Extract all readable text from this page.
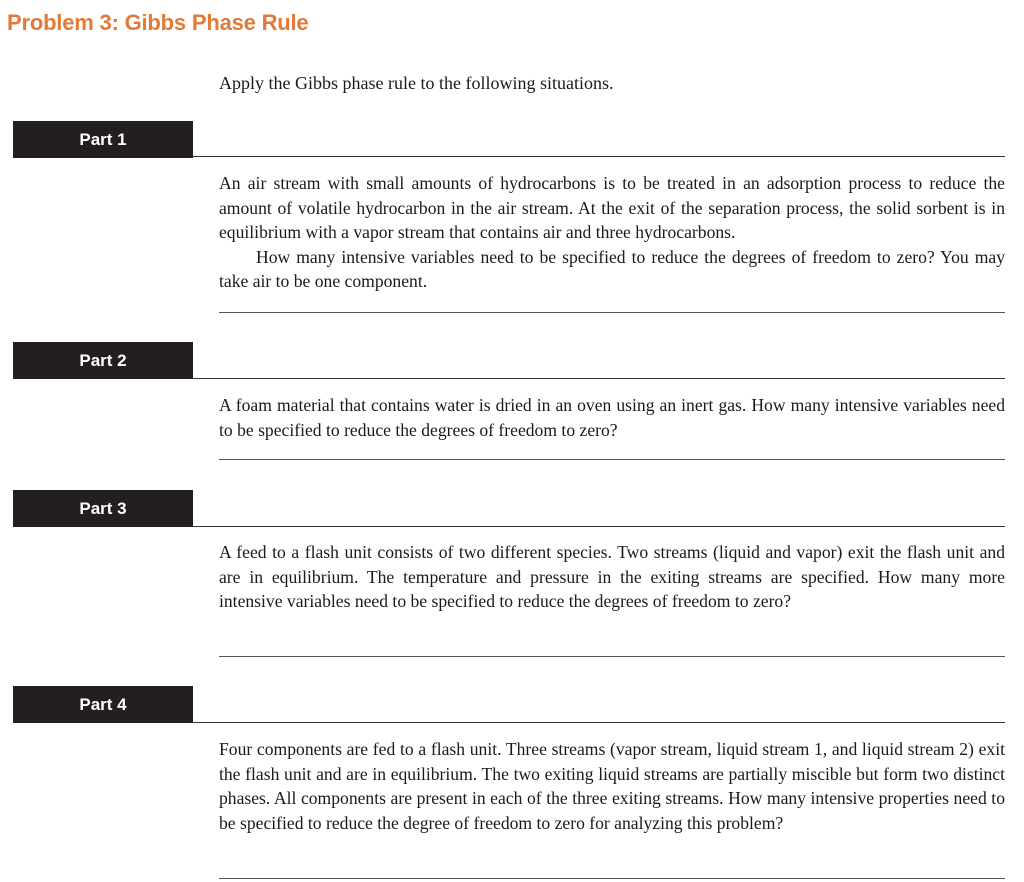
Problem 3: Gibbs Phase Rule
Apply the Gibbs phase rule to the following situations.
Part 1

An air stream with small amounts of hydrocarbons is to be treated in an adsorption process to reduce the amount of volatile hydrocarbon in the air stream. At the exit of the separation process, the solid sorbent is in equilibrium with a vapor stream that contains air and three hydrocarbons.

How many intensive variables need to be specified to reduce the degrees of freedom to zero? You may take air to be one component.

Part 2

A foam material that contains water is dried in an oven using an inert gas. How many intensive variables need to be specified to reduce the degrees of freedom to zero?

Part 3

A feed to a flash unit consists of two different species. Two streams (liquid and vapor) exit the flash unit and are in equilibrium. The temperature and pressure in the exiting streams are specified. How many more intensive variables need to be specified to reduce the degrees of freedom to zero?

Part 4

Four components are fed to a flash unit. Three streams (vapor stream, liquid stream 1, and liquid stream 2) exit the flash unit and are in equilibrium. The two exiting liquid streams are partially miscible but form two distinct phases. All components are present in each of the three exiting streams. How many intensive properties need to be specified to reduce the degree of freedom to zero for analyzing this problem?
